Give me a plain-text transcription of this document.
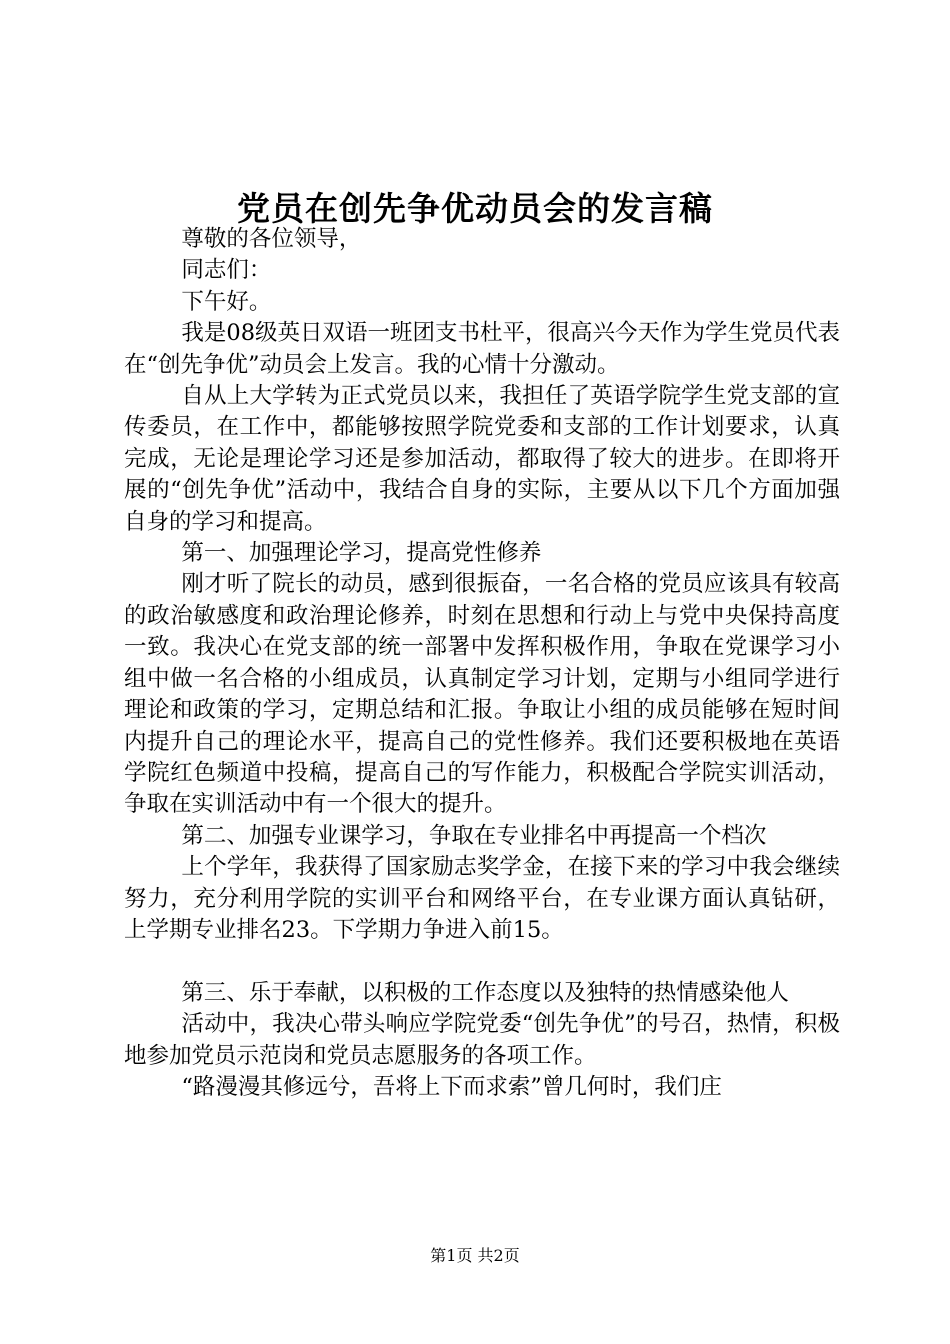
党员在创先争优动员会的发言稿

尊敬的各位领导，

同志们：

下午好。

我是08级英日双语一班团支书杜平，很高兴今天作为学生党员代表在“创先争优”动员会上发言。我的心情十分激动。

自从上大学转为正式党员以来，我担任了英语学院学生党支部的宣传委员，在工作中，都能够按照学院党委和支部的工作计划要求，认真完成，无论是理论学习还是参加活动，都取得了较大的进步。在即将开展的“创先争优”活动中，我结合自身的实际，主要从以下几个方面加强自身的学习和提高。

第一、加强理论学习，提高党性修养

刚才听了院长的动员，感到很振奋，一名合格的党员应该具有较高的政治敏感度和政治理论修养，时刻在思想和行动上与党中央保持高度一致。我决心在党支部的统一部署中发挥积极作用，争取在党课学习小组中做一名合格的小组成员，认真制定学习计划，定期与小组同学进行理论和政策的学习，定期总结和汇报。争取让小组的成员能够在短时间内提升自己的理论水平，提高自己的党性修养。我们还要积极地在英语学院红色频道中投稿，提高自己的写作能力，积极配合学院实训活动，争取在实训活动中有一个很大的提升。

第二、加强专业课学习，争取在专业排名中再提高一个档次

上个学年，我获得了国家励志奖学金，在接下来的学习中我会继续努力，充分利用学院的实训平台和网络平台，在专业课方面认真钻研，上学期专业排名23。下学期力争进入前15。

第三、乐于奉献，以积极的工作态度以及独特的热情感染他人

活动中，我决心带头响应学院党委“创先争优”的号召，热情，积极地参加党员示范岗和党员志愿服务的各项工作。

“路漫漫其修远兮，吾将上下而求索”曾几何时，我们庄

第1页 共2页
